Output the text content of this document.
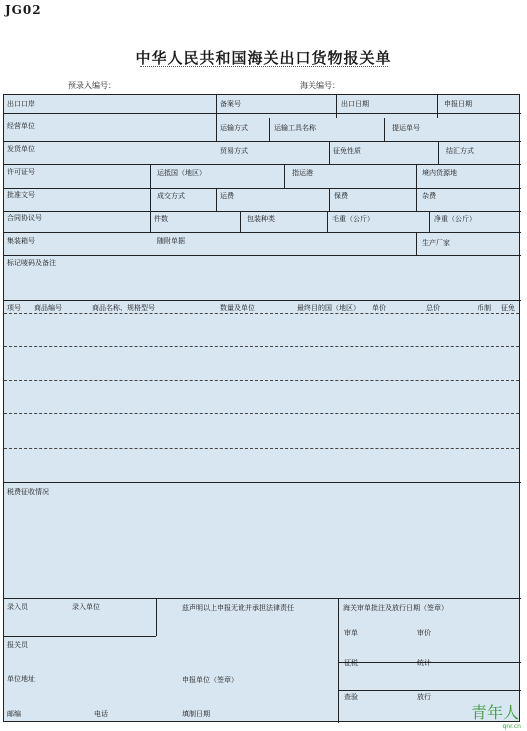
JG02
中华人民共和国海关出口货物报关单
预录入编号：	海关编号：
出口口岸	备案号	出口日期	申报日期
经营单位	运输方式	运输工具名称	提运单号
发货单位	贸易方式	征免性质	结汇方式
许可证号	运抵国（地区）	指运港	境内货源地
批准文号	成交方式	运费	保费	杂费
合同协议号	件数	包装种类	毛重（公斤）	净重（公斤）
集装箱号	随附单据	生产厂家
标记唛码及备注
项号 商品编号	商品名称、规格型号	数量及单位	最终目的国（地区） 单价	总价	币制 征免
税费征收情况
录入员	录入单位	兹声明以上申报无讹并承担法律责任	海关审单批注及放行日期（签章）
审单	审价
报关员
征税	统计
单位地址	申报单位（签章）
查验	放行
邮编	电话	填制日期	青年人
qnr.cn
